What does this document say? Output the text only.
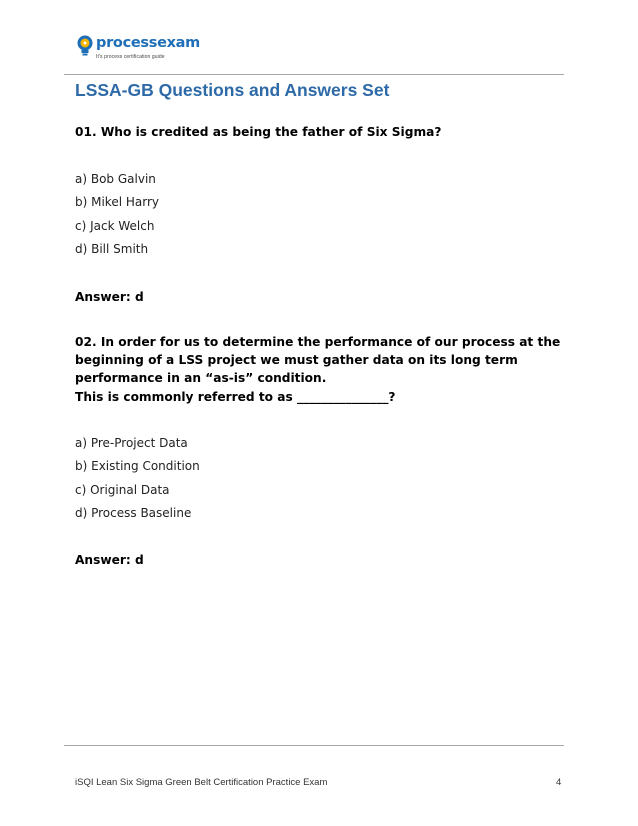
processexam
It's process certification guide
LSSA-GB Questions and Answers Set
01. Who is credited as being the father of Six Sigma?
a) Bob Galvin
b) Mikel Harry
c) Jack Welch
d) Bill Smith
Answer: d
02. In order for us to determine the performance of our process at the
beginning of a LSS project we must gather data on its long term
performance in an “as-is” condition.
This is commonly referred to as _______________?
a) Pre-Project Data
b) Existing Condition
c) Original Data
d) Process Baseline
Answer: d
iSQI Lean Six Sigma Green Belt Certification Practice Exam	4
